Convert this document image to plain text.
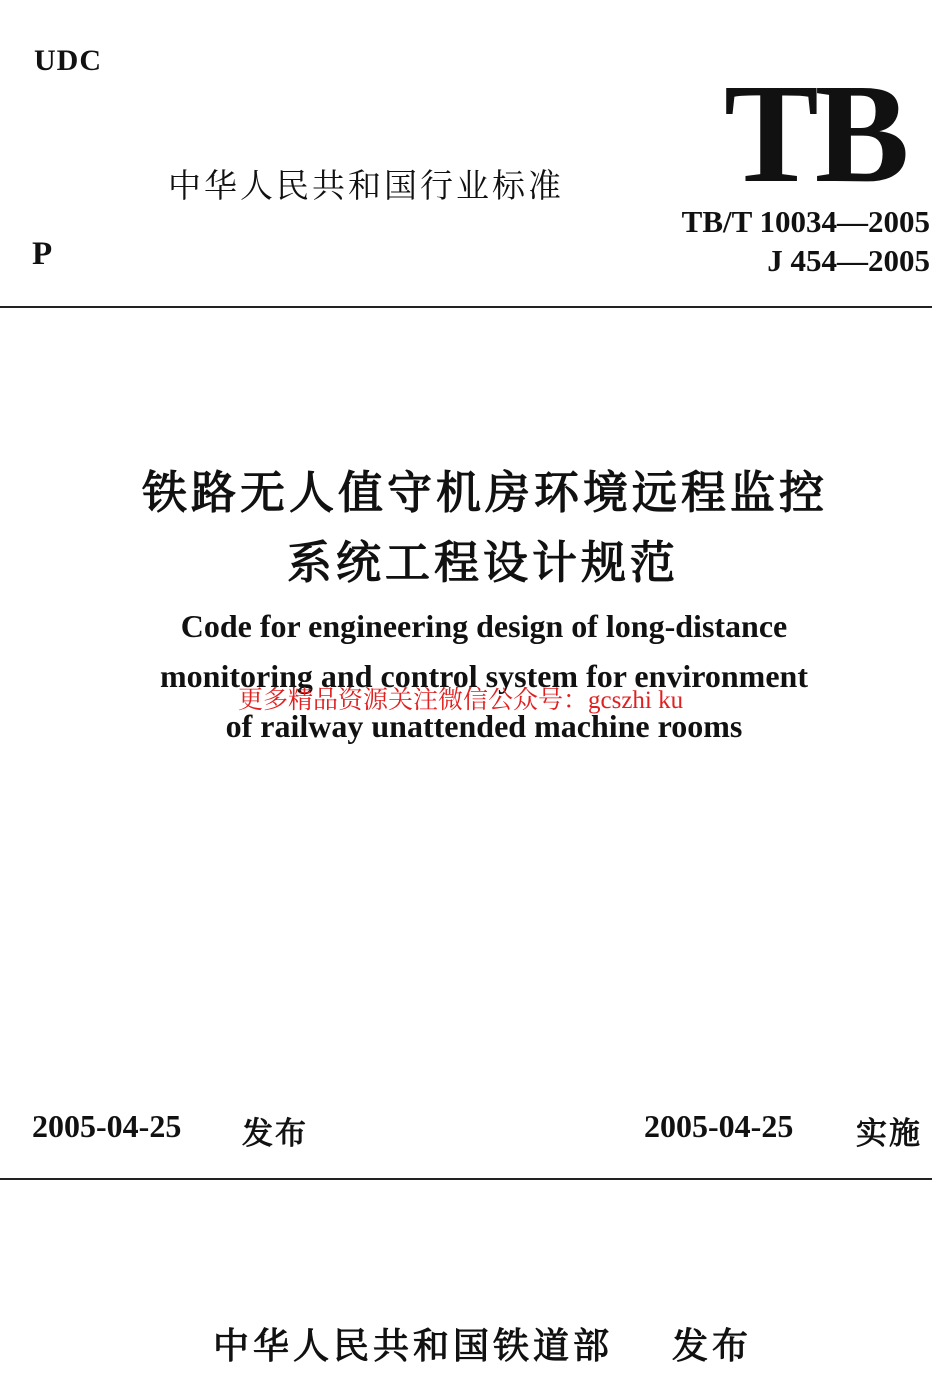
UDC	TB
中华人民共和国行业标准
P
TB/T 10034—2005
J 454—2005
铁路无人值守机房环境远程监控
系统工程设计规范
Code for engineering design of long-distance
monitoring and control system for environment
of railway unattended machine rooms
更多精品资源关注微信公众号：gcszhi ku
2005-04-25 发布	2005-04-25 实施
中华人民共和国铁道部 发布
